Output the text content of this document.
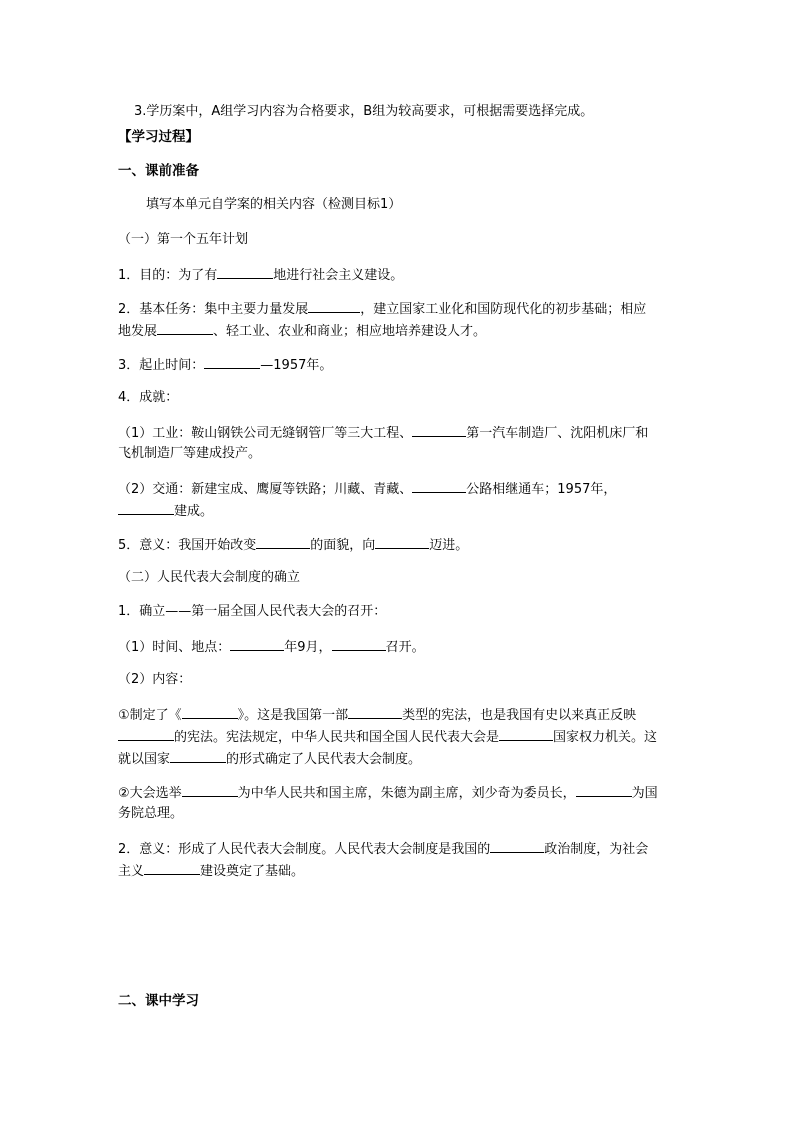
3.学历案中，A组学习内容为合格要求，B组为较高要求，可根据需要选择完成。
【学习过程】
一、课前准备
填写本单元自学案的相关内容（检测目标1）
（一）第一个五年计划
1．目的：为了有	地进行社会主义建设。
2．基本任务：集中主要力量发展	，建立国家工业化和国防现代化的初步基础；相应
地发展	、轻工业、农业和商业；相应地培养建设人才。
3．起止时间：	—1957年。
4．成就：
（1）工业：鞍山钢铁公司无缝钢管厂等三大工程、	第一汽车制造厂、沈阳机床厂和
飞机制造厂等建成投产。
（2）交通：新建宝成、鹰厦等铁路；川藏、青藏、	公路相继通车；1957年，
建成。
5．意义：我国开始改变	的面貌，向	迈进。
（二）人民代表大会制度的确立
1．确立——第一届全国人民代表大会的召开：
（1）时间、地点：	年9月，	召开。
（2）内容：
①制定了《	》。这是我国第一部	类型的宪法，也是我国有史以来真正反映
的宪法。宪法规定，中华人民共和国全国人民代表大会是	国家权力机关。这
就以国家	的形式确定了人民代表大会制度。
②大会选举	为中华人民共和国主席，朱德为副主席，刘少奇为委员长，	为国
务院总理。
2．意义：形成了人民代表大会制度。人民代表大会制度是我国的	政治制度，为社会
主义	建设奠定了基础。
二、课中学习
